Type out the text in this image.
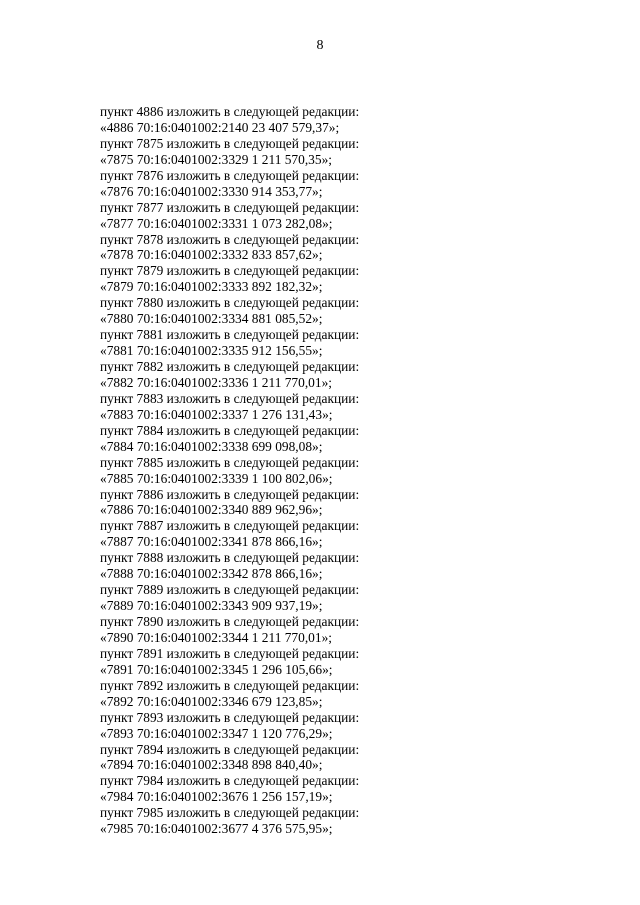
8
пункт 4886 изложить в следующей редакции:
«4886 70:16:0401002:2140 23 407 579,37»;
пункт 7875 изложить в следующей редакции:
«7875 70:16:0401002:3329 1 211 570,35»;
пункт 7876 изложить в следующей редакции:
«7876 70:16:0401002:3330 914 353,77»;
пункт 7877 изложить в следующей редакции:
«7877 70:16:0401002:3331 1 073 282,08»;
пункт 7878 изложить в следующей редакции:
«7878 70:16:0401002:3332 833 857,62»;
пункт 7879 изложить в следующей редакции:
«7879 70:16:0401002:3333 892 182,32»;
пункт 7880 изложить в следующей редакции:
«7880 70:16:0401002:3334 881 085,52»;
пункт 7881 изложить в следующей редакции:
«7881 70:16:0401002:3335 912 156,55»;
пункт 7882 изложить в следующей редакции:
«7882 70:16:0401002:3336 1 211 770,01»;
пункт 7883 изложить в следующей редакции:
«7883 70:16:0401002:3337 1 276 131,43»;
пункт 7884 изложить в следующей редакции:
«7884 70:16:0401002:3338 699 098,08»;
пункт 7885 изложить в следующей редакции:
«7885 70:16:0401002:3339 1 100 802,06»;
пункт 7886 изложить в следующей редакции:
«7886 70:16:0401002:3340 889 962,96»;
пункт 7887 изложить в следующей редакции:
«7887 70:16:0401002:3341 878 866,16»;
пункт 7888 изложить в следующей редакции:
«7888 70:16:0401002:3342 878 866,16»;
пункт 7889 изложить в следующей редакции:
«7889 70:16:0401002:3343 909 937,19»;
пункт 7890 изложить в следующей редакции:
«7890 70:16:0401002:3344 1 211 770,01»;
пункт 7891 изложить в следующей редакции:
«7891 70:16:0401002:3345 1 296 105,66»;
пункт 7892 изложить в следующей редакции:
«7892 70:16:0401002:3346 679 123,85»;
пункт 7893 изложить в следующей редакции:
«7893 70:16:0401002:3347 1 120 776,29»;
пункт 7894 изложить в следующей редакции:
«7894 70:16:0401002:3348 898 840,40»;
пункт 7984 изложить в следующей редакции:
«7984 70:16:0401002:3676 1 256 157,19»;
пункт 7985 изложить в следующей редакции:
«7985 70:16:0401002:3677 4 376 575,95»;
